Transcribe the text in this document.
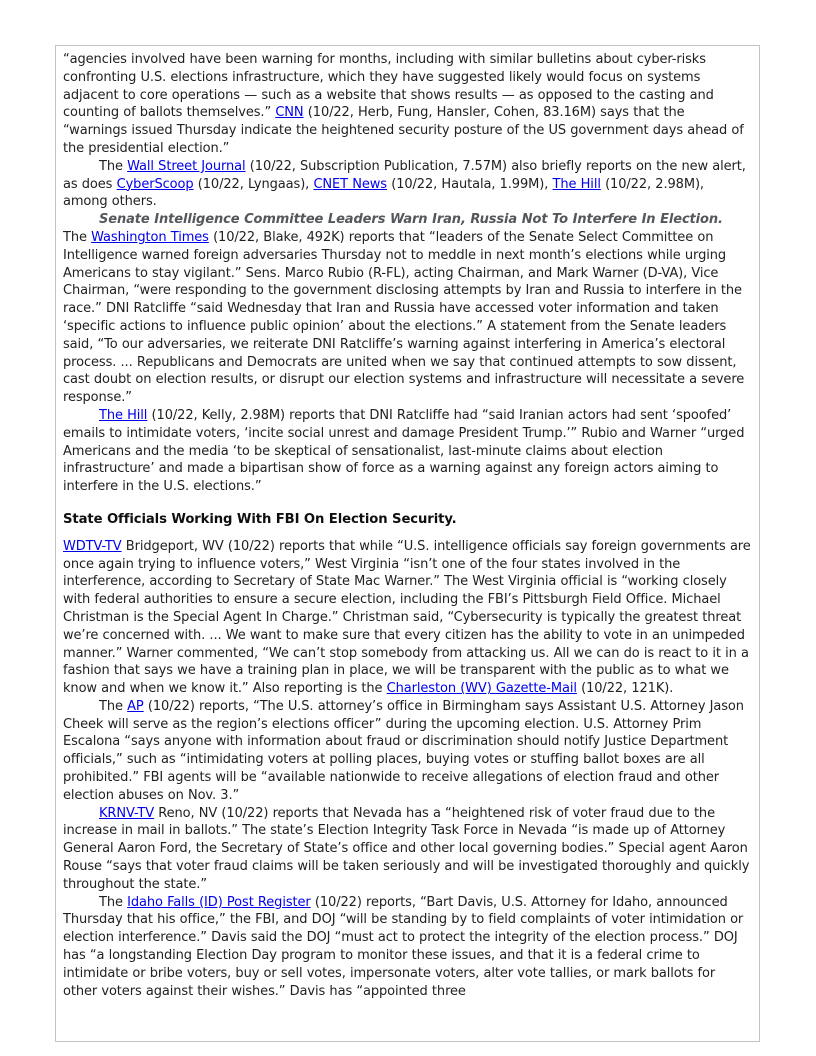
“agencies involved have been warning for months, including with similar bulletins about cyber-risks confronting U.S. elections infrastructure, which they have suggested likely would focus on systems adjacent to core operations — such as a website that shows results — as opposed to the casting and counting of ballots themselves.” CNN (10/22, Herb, Fung, Hansler, Cohen, 83.16M) says that the “warnings issued Thursday indicate the heightened security posture of the US government days ahead of the presidential election.”
The Wall Street Journal (10/22, Subscription Publication, 7.57M) also briefly reports on the new alert, as does CyberScoop (10/22, Lyngaas), CNET News (10/22, Hautala, 1.99M), The Hill (10/22, 2.98M), among others.
Senate Intelligence Committee Leaders Warn Iran, Russia Not To Interfere In Election.   The Washington Times (10/22, Blake, 492K) reports that “leaders of the Senate Select Committee on Intelligence warned foreign adversaries Thursday not to meddle in next month’s elections while urging Americans to stay vigilant.” Sens. Marco Rubio (R-FL), acting Chairman, and Mark Warner (D-VA), Vice Chairman, “were responding to the government disclosing attempts by Iran and Russia to interfere in the race.” DNI Ratcliffe “said Wednesday that Iran and Russia have accessed voter information and taken ‘specific actions to influence public opinion’ about the elections.” A statement from the Senate leaders said, “To our adversaries, we reiterate DNI Ratcliffe’s warning against interfering in America’s electoral process. ... Republicans and Democrats are united when we say that continued attempts to sow dissent, cast doubt on election results, or disrupt our election systems and infrastructure will necessitate a severe response.”
The Hill (10/22, Kelly, 2.98M) reports that DNI Ratcliffe had “said Iranian actors had sent ‘spoofed’ emails to intimidate voters, ‘incite social unrest and damage President Trump.’” Rubio and Warner “urged Americans and the media ‘to be skeptical of sensationalist, last-minute claims about election infrastructure’ and made a bipartisan show of force as a warning against any foreign actors aiming to interfere in the U.S. elections.”
State Officials Working With FBI On Election Security.
WDTV-TV Bridgeport, WV (10/22) reports that while “U.S. intelligence officials say foreign governments are once again trying to influence voters,” West Virginia “isn’t one of the four states involved in the interference, according to Secretary of State Mac Warner.” The West Virginia official is “working closely with federal authorities to ensure a secure election, including the FBI’s Pittsburgh Field Office. Michael Christman is the Special Agent In Charge.” Christman said, “Cybersecurity is typically the greatest threat we’re concerned with. ... We want to make sure that every citizen has the ability to vote in an unimpeded manner.” Warner commented, “We can’t stop somebody from attacking us. All we can do is react to it in a fashion that says we have a training plan in place, we will be transparent with the public as to what we know and when we know it.” Also reporting is the Charleston (WV) Gazette-Mail (10/22, 121K).
The AP (10/22) reports, “The U.S. attorney’s office in Birmingham says Assistant U.S. Attorney Jason Cheek will serve as the region’s elections officer” during the upcoming election. U.S. Attorney Prim Escalona “says anyone with information about fraud or discrimination should notify Justice Department officials,” such as “intimidating voters at polling places, buying votes or stuffing ballot boxes are all prohibited.” FBI agents will be “available nationwide to receive allegations of election fraud and other election abuses on Nov. 3.”
KRNV-TV Reno, NV (10/22) reports that Nevada has a “heightened risk of voter fraud due to the increase in mail in ballots.” The state’s Election Integrity Task Force in Nevada “is made up of Attorney General Aaron Ford, the Secretary of State’s office and other local governing bodies.” Special agent Aaron Rouse “says that voter fraud claims will be taken seriously and will be investigated thoroughly and quickly throughout the state.”
The Idaho Falls (ID) Post Register (10/22) reports, “Bart Davis, U.S. Attorney for Idaho, announced Thursday that his office,” the FBI, and DOJ “will be standing by to field complaints of voter intimidation or election interference.” Davis said the DOJ “must act to protect the integrity of the election process.” DOJ has “a longstanding Election Day program to monitor these issues, and that it is a federal crime to intimidate or bribe voters, buy or sell votes, impersonate voters, alter vote tallies, or mark ballots for other voters against their wishes.” Davis has “appointed three
